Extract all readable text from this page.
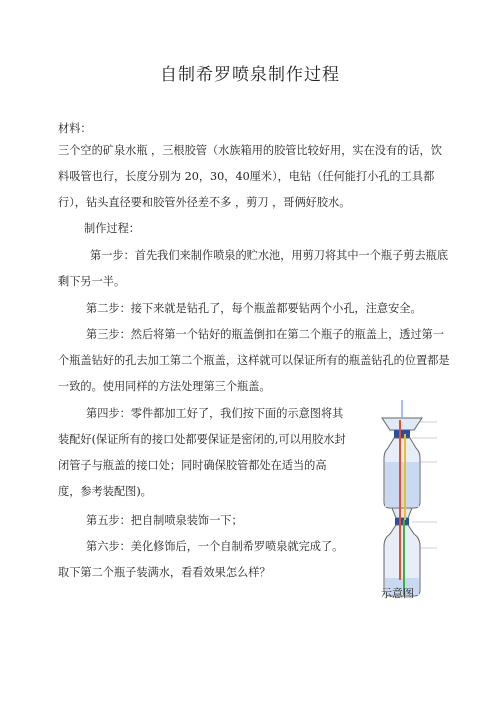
自制希罗喷泉制作过程

材料：

三个空的矿泉水瓶 ，三根胶管（水族箱用的胶管比较好用，实在没有的话，饮料吸管也行，长度分别为 20，30，40厘米），电钻（任何能打小孔的工具都行），钻头直径要和胶管外径差不多 ，剪刀 ，哥俩好胶水。

制作过程：

第一步：首先我们来制作喷泉的贮水池，用剪刀将其中一个瓶子剪去瓶底剩下另一半。

第二步：接下来就是钻孔了，每个瓶盖都要钻两个小孔，注意安全。

第三步：然后将第一个钻好的瓶盖倒扣在第二个瓶子的瓶盖上，透过第一个瓶盖钻好的孔去加工第二个瓶盖，这样就可以保证所有的瓶盖钻孔的位置都是一致的。使用同样的方法处理第三个瓶盖。

第四步：零件都加工好了，我们按下面的示意图将其装配好(保证所有的接口处都要保证是密闭的,可以用胶水封闭管子与瓶盖的接口处；同时确保胶管都处在适当的高度，参考装配图)。

第五步：把自制喷泉装饰一下；

第六步：美化修饰后，一个自制希罗喷泉就完成了。取下第二个瓶子装满水，看看效果怎么样？

示意图
